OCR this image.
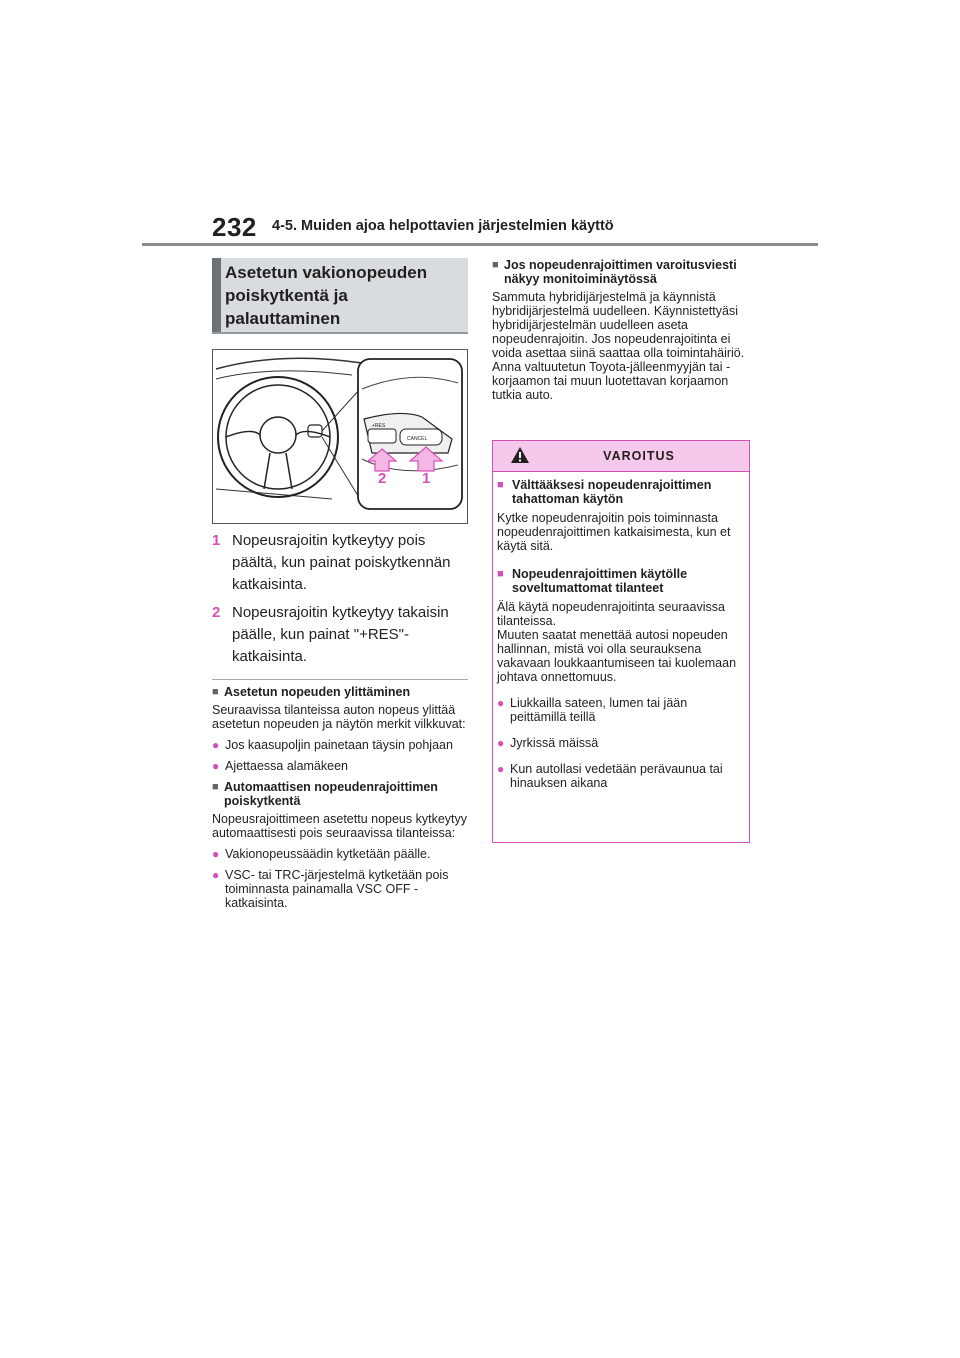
232 4-5. Muiden ajoa helpottavien järjestelmien käyttö
Asetetun vakionopeuden poiskytkentä ja palauttaminen
+RES
CANCEL
2 1
1 Nopeusrajoitin kytkeytyy pois päältä, kun painat poiskytkennän katkaisinta.
2 Nopeusrajoitin kytkeytyy takaisin päälle, kun painat "+RES"-katkaisinta.
■ Asetetun nopeuden ylittäminen

Seuraavissa tilanteissa auton nopeus ylittää asetetun nopeuden ja näytön merkit vilkkuvat:

● Jos kaasupoljin painetaan täysin pohjaan
● Ajettaessa alamäkeen
■ Automaattisen nopeudenrajoittimen poiskytkentä

Nopeusrajoittimeen asetettu nopeus kytkeytyy automaattisesti pois seuraavissa tilanteissa:

● Vakionopeussäädin kytketään päälle.
● VSC- tai TRC-järjestelmä kytketään pois toiminnasta painamalla VSC OFF -katkaisinta.
■ Jos nopeudenrajoittimen varoitusviesti näkyy monitoiminäytössä

Sammuta hybridijärjestelmä ja käynnistä hybridijärjestelmä uudelleen. Käynnistettyäsi hybridijärjestelmän uudelleen aseta nopeudenrajoitin. Jos nopeudenrajoitinta ei voida asettaa siinä saattaa olla toimintahäiriö. Anna valtuutetun Toyota-jälleenmyyjän tai -korjaamon tai muun luotettavan korjaamon tutkia auto.

VAROITUS
■ Välttääksesi nopeudenrajoittimen tahattoman käytön

Kytke nopeudenrajoitin pois toiminnasta nopeudenrajoittimen katkaisimesta, kun et käytä sitä.

■ Nopeudenrajoittimen käytölle soveltumattomat tilanteet

Älä käytä nopeudenrajoitinta seuraavissa tilanteissa.

Muuten saatat menettää autosi nopeuden hallinnan, mistä voi olla seurauksena vakavaan loukkaantumiseen tai kuolemaan johtava onnettomuus.

● Liukkailla sateen, lumen tai jään peittämillä teillä
● Jyrkissä mäissä
● Kun autollasi vedetään perävaunua tai hinauksen aikana
